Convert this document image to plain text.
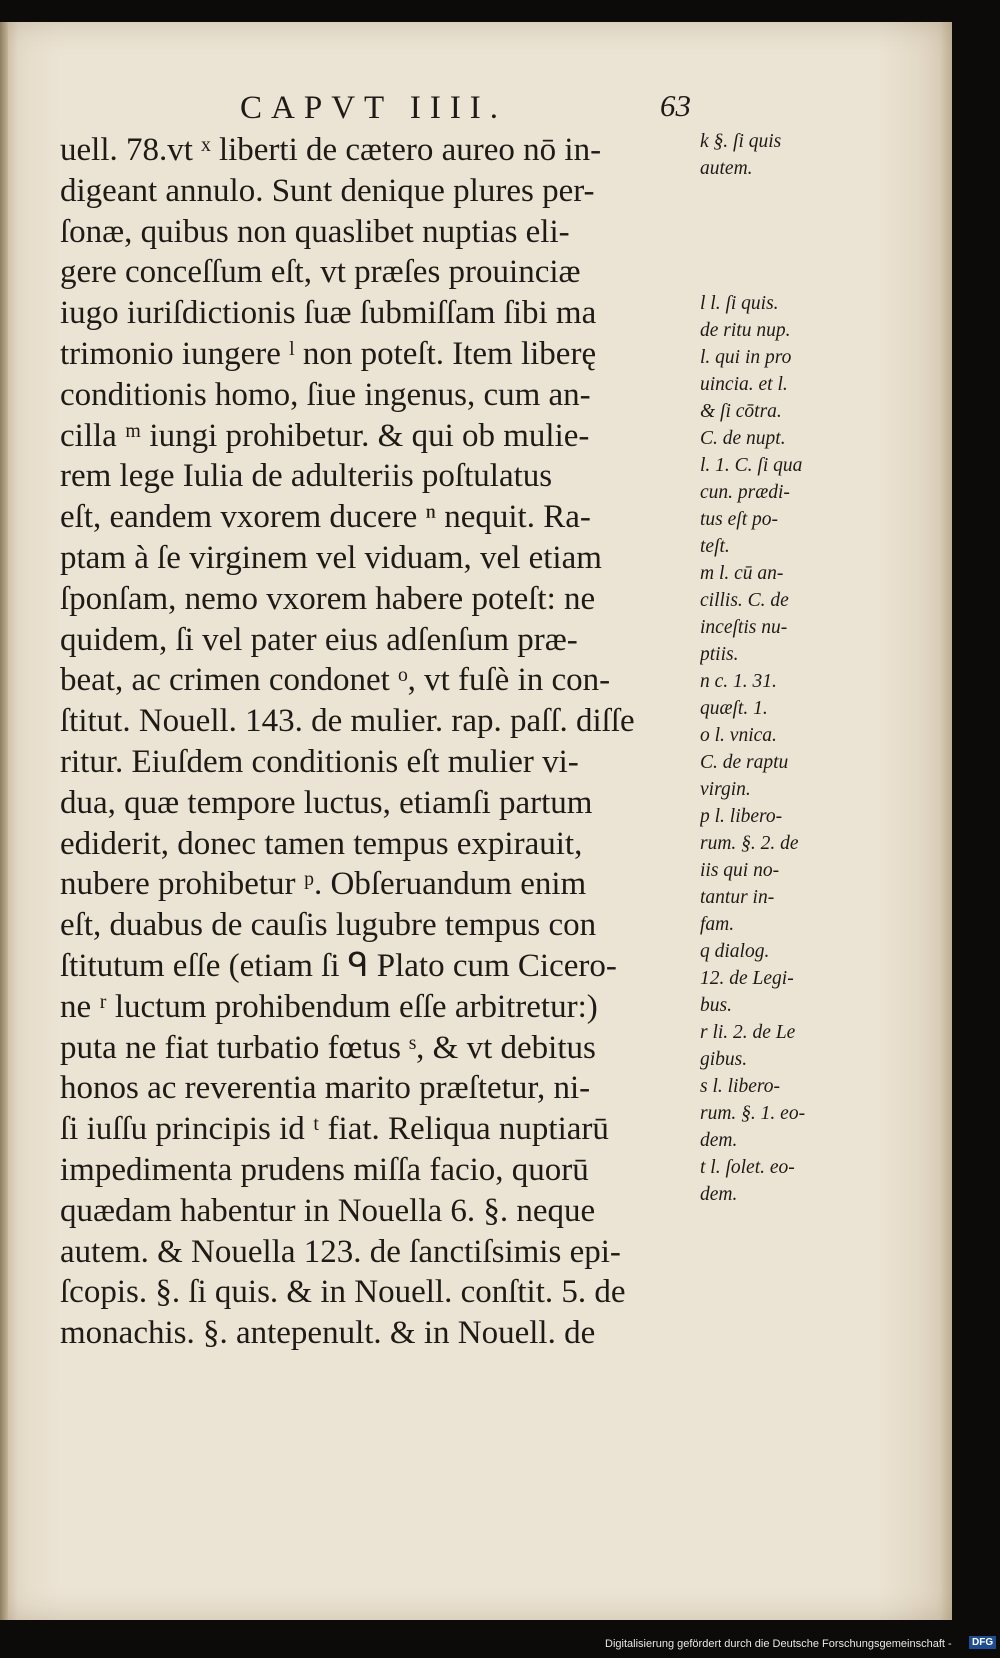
CAPVT IIII.	63
uell. 78.vt ˣ liberti de cætero aureo nō in-
digeant annulo. Sunt denique plures per-
ſonæ, quibus non quaslibet nuptias eli-
gere conceſſum eſt, vt præſes prouinciæ
iugo iuriſdictionis ſuæ ſubmiſſam ſibi ma
trimonio iungere ˡ non poteſt. Item liberę
conditionis homo, ſiue ingenus, cum an-
cilla ᵐ iungi prohibetur. & qui ob mulie-
rem lege Iulia de adulteriis poſtulatus
eſt, eandem vxorem ducere ⁿ nequit. Ra-
ptam à ſe virginem vel viduam, vel etiam
ſponſam, nemo vxorem habere poteſt: ne
quidem, ſi vel pater eius adſenſum præ-
beat, ac crimen condonet ᵒ, vt fuſè in con-
ſtitut. Nouell. 143. de mulier. rap. paſſ. diſſe
ritur. Eiuſdem conditionis eſt mulier vi-
dua, quæ tempore luctus, etiamſi partum
ediderit, donec tamen tempus expirauit,
nubere prohibetur ᵖ. Obſeruandum enim
eſt, duabus de cauſis lugubre tempus con
ſtitutum eſſe (etiam ſi ᑫ Plato cum Cicero-
ne ʳ luctum prohibendum eſſe arbitretur:)
puta ne fiat turbatio fœtus ˢ, & vt debitus
honos ac reverentia marito præſtetur, ni-
ſi iuſſu principis id ᵗ fiat. Reliqua nuptiarū
impedimenta prudens miſſa facio, quorū
quædam habentur in Nouella 6. §. neque
autem. & Nouella 123. de ſanctiſsimis epi-
ſcopis. §. ſi quis. & in Nouell. conſtit. 5. de
monachis. §. antepenult. & in Nouell. de
k §. ſi quis
autem.
l l. ſi quis.
de ritu nup.
l. qui in pro
uincia. et l.
& ſi cōtra.
C. de nupt.
l. 1. C. ſi qua
cun. prædi-
tus eſt po-
teſt.
m l. cū an-
cillis. C. de
inceſtis nu-
ptiis.
n c. 1. 31.
quæſt. 1.
o l. vnica.
C. de raptu
virgin.
p l. libero-
rum. §. 2. de
iis qui no-
tantur in-
fam.
q dialog.
12. de Legi-
bus.
r li. 2. de Le
gibus.
s l. libero-
rum. §. 1. eo-
dem.
t l. ſolet. eo-
dem.
Digitalisierung gefördert durch die Deutsche Forschungsgemeinschaft -	DFG
